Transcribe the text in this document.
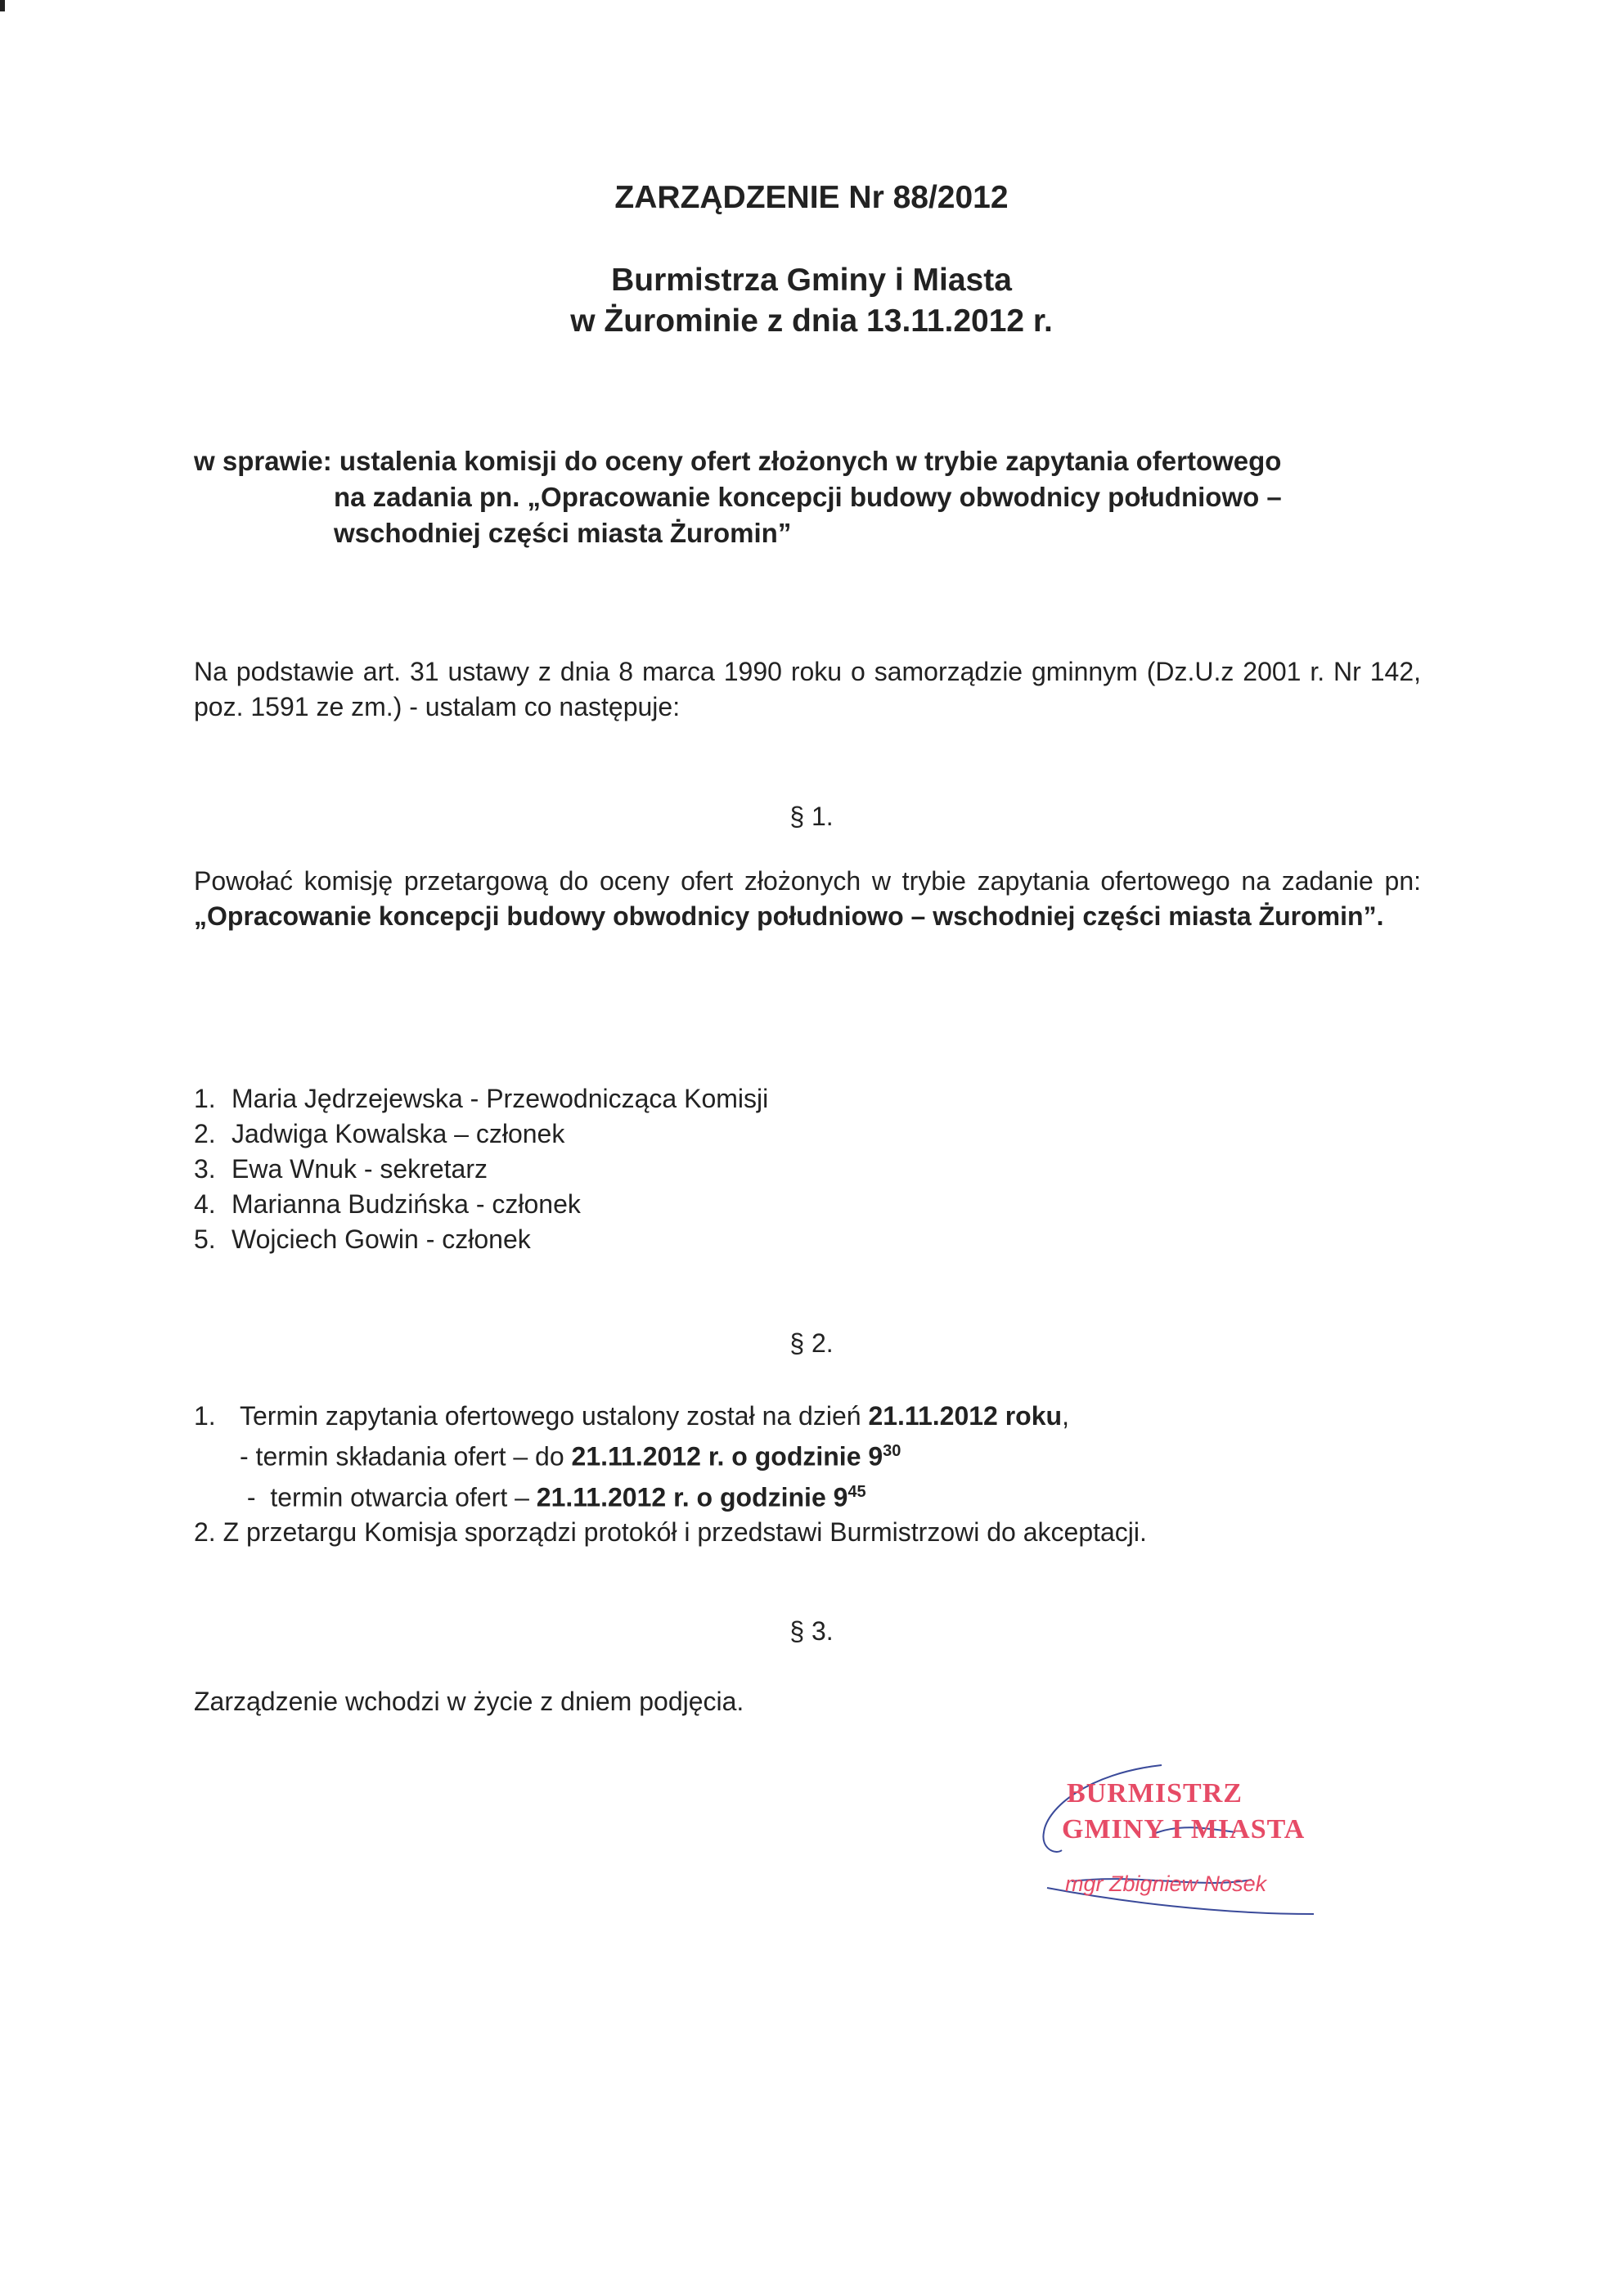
ZARZĄDZENIE Nr 88/2012
Burmistrza Gminy i Miasta
w Żurominie z dnia 13.11.2012 r.
w sprawie: ustalenia komisji do oceny ofert złożonych w trybie zapytania ofertowego
na zadania pn. „Opracowanie koncepcji budowy obwodnicy południowo –
wschodniej części miasta Żuromin”
Na podstawie art. 31 ustawy z dnia 8 marca 1990 roku o samorządzie gminnym (Dz.U.z 2001 r. Nr 142, poz. 1591 ze zm.) - ustalam co następuje:
§ 1.
Powołać komisję przetargową do oceny ofert złożonych w trybie zapytania ofertowego na zadanie pn: „Opracowanie koncepcji budowy obwodnicy południowo – wschodniej części miasta Żuromin”.
1. Maria Jędrzejewska - Przewodnicząca Komisji
2. Jadwiga Kowalska – członek
3. Ewa Wnuk - sekretarz
4. Marianna Budzińska - członek
5. Wojciech Gowin - członek
§ 2.
1. Termin zapytania ofertowego ustalony został na dzień 21.11.2012 roku,
- termin składania ofert – do 21.11.2012 r. o godzinie $9^{30}$
-  termin otwarcia ofert – 21.11.2012 r. o godzinie $9^{45}$
2. Z przetargu Komisja sporządzi protokół i przedstawi Burmistrzowi do akceptacji.
§ 3.
Zarządzenie wchodzi w życie z dniem podjęcia.
BURMISTRZ
GMINY I MIASTA
mgr Zbigniew Nosek
